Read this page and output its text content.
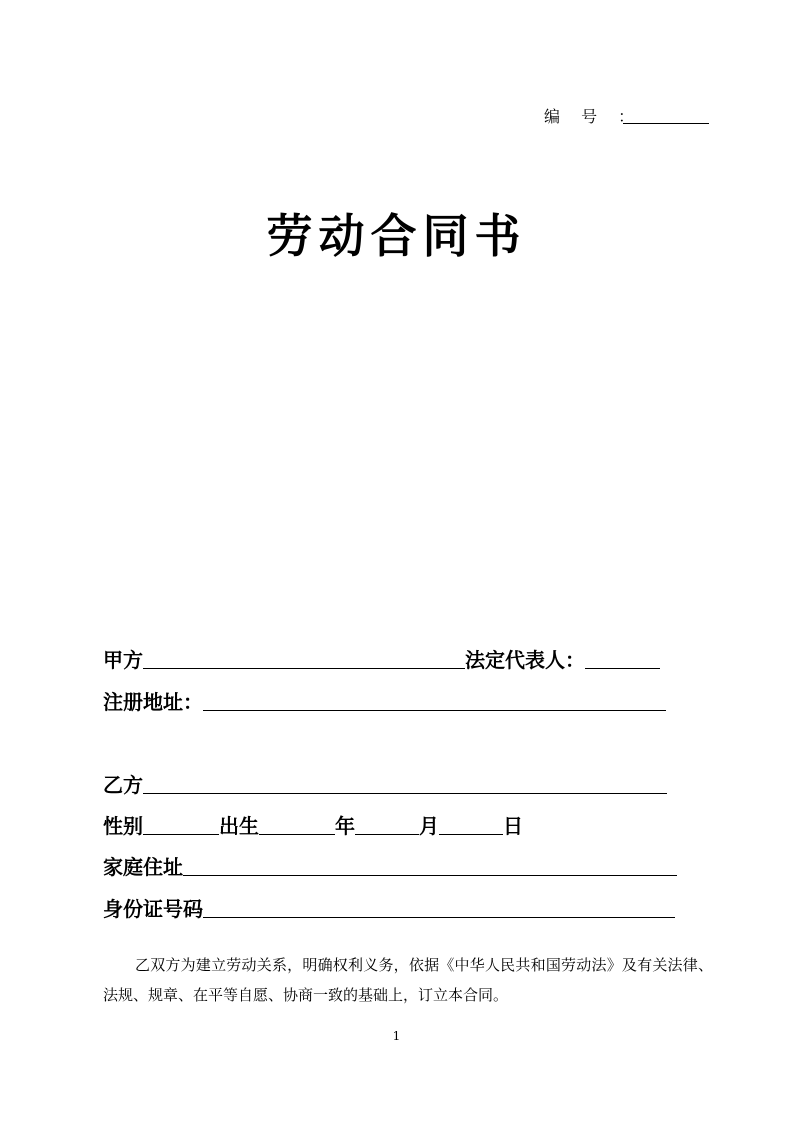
编 号 ：
劳动合同书
甲方	法定代表人：
注册地址：
乙方
性别	出生	年	月	日
家庭住址
身份证号码
乙双方为建立劳动关系，明确权利义务，依据《中华人民共和国劳动法》及有关法律、法规、规章、在平等自愿、协商一致的基础上，订立本合同。
1
